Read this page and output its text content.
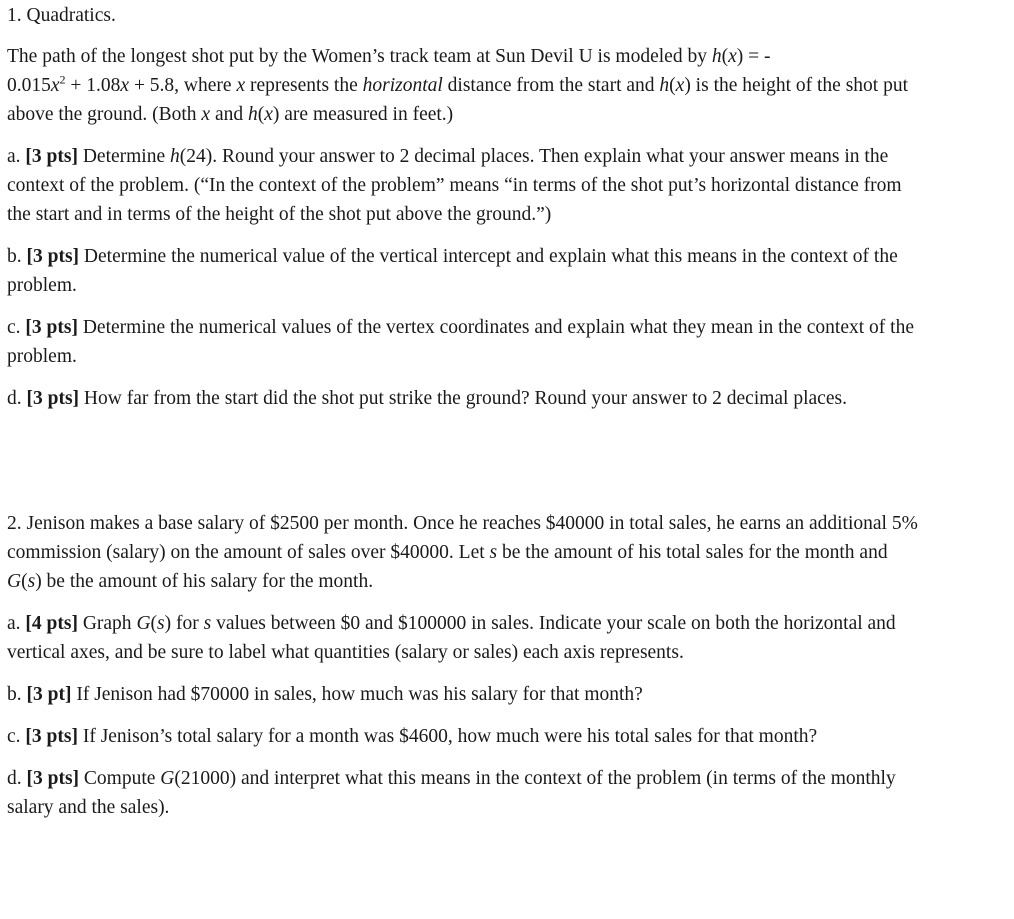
1. Quadratics.

The path of the longest shot put by the Women’s track team at Sun Devil U is modeled by h(x) = -
$0.015x^2 + 1.08x + 5.8$, where x represents the horizontal distance from the start and h(x) is the height of the shot put above the ground. (Both x and h(x) are measured in feet.)

a. [3 pts] Determine h(24). Round your answer to 2 decimal places. Then explain what your answer means in the context of the problem. (“In the context of the problem” means “in terms of the shot put’s horizontal distance from the start and in terms of the height of the shot put above the ground.”)

b. [3 pts] Determine the numerical value of the vertical intercept and explain what this means in the context of the problem.

c. [3 pts] Determine the numerical values of the vertex coordinates and explain what they mean in the context of the problem.

d. [3 pts] How far from the start did the shot put strike the ground? Round your answer to 2 decimal places.

2. Jenison makes a base salary of $2500 per month. Once he reaches $40000 in total sales, he earns an additional 5% commission (salary) on the amount of sales over $40000. Let s be the amount of his total sales for the month and G(s) be the amount of his salary for the month.

a. [4 pts] Graph G(s) for s values between $0 and $100000 in sales. Indicate your scale on both the horizontal and vertical axes, and be sure to label what quantities (salary or sales) each axis represents.

b. [3 pt] If Jenison had $70000 in sales, how much was his salary for that month?

c. [3 pts] If Jenison’s total salary for a month was $4600, how much were his total sales for that month?

d. [3 pts] Compute G(21000) and interpret what this means in the context of the problem (in terms of the monthly salary and the sales).
